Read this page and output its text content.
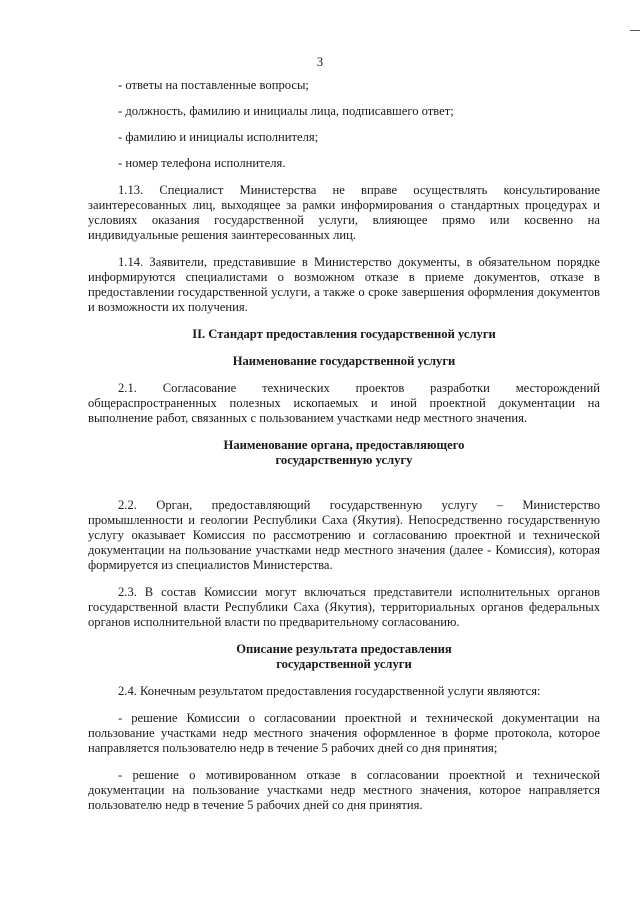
3

- ответы на поставленные вопросы;

- должность, фамилию и инициалы лица, подписавшего ответ;

- фамилию и инициалы исполнителя;

- номер телефона исполнителя.

1.13. Специалист Министерства не вправе осуществлять консультирование заинтересованных лиц, выходящее за рамки информирования о стандартных процедурах и условиях оказания государственной услуги, влияющее прямо или косвенно на индивидуальные решения заинтересованных лиц.

1.14. Заявители, представившие в Министерство документы, в обязательном порядке информируются специалистами о возможном отказе в приеме документов, отказе в предоставлении государственной услуги, а также о сроке завершения оформления документов и возможности их получения.

II. Стандарт предоставления государственной услуги

Наименование государственной услуги

2.1. Согласование технических проектов разработки месторождений общераспространенных полезных ископаемых и иной проектной документации на выполнение работ, связанных с пользованием участками недр местного значения.

Наименование органа, предоставляющего

государственную услугу

2.2. Орган, предоставляющий государственную услугу – Министерство промышленности и геологии Республики Саха (Якутия). Непосредственно государственную услугу оказывает Комиссия по рассмотрению и согласованию проектной и технической документации на пользование участками недр местного значения (далее - Комиссия), которая формируется из специалистов Министерства.

2.3. В состав Комиссии могут включаться представители исполнительных органов государственной власти Республики Саха (Якутия), территориальных органов федеральных органов исполнительной власти по предварительному согласованию.

Описание результата предоставления

государственной услуги

2.4. Конечным результатом предоставления государственной услуги являются:

- решение Комиссии о согласовании проектной и технической документации на пользование участками недр местного значения оформленное в форме протокола, которое направляется пользователю недр в течение 5 рабочих дней со дня принятия;

- решение о мотивированном отказе в согласовании проектной и технической документации на пользование участками недр местного значения, которое направляется пользователю недр в течение 5 рабочих дней со дня принятия.
